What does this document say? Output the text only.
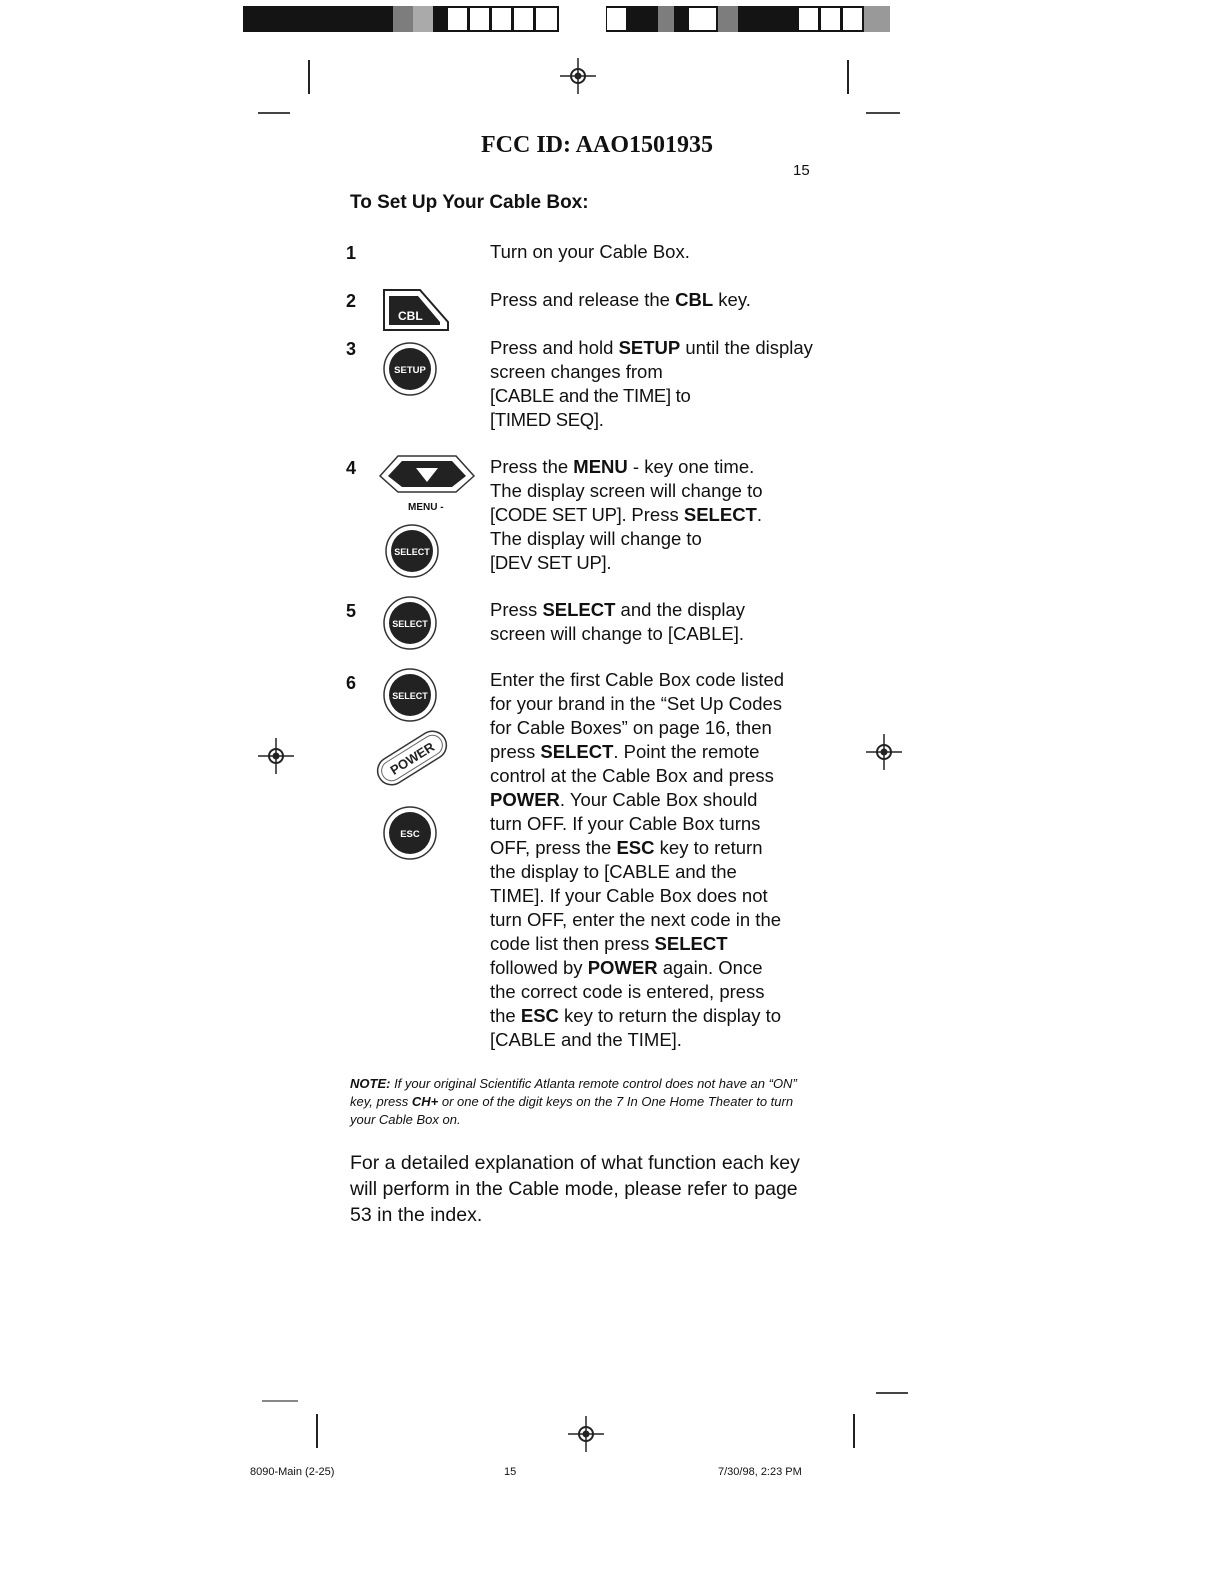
FCC ID: AAO1501935
15
To Set Up Your Cable Box:
1	Turn on your Cable Box.
2
CBL
Press and release the CBL key.
3
SETUP
Press and hold SETUP until the display screen changes from
[CABLE and the TIME] to
[TIMED SEQ].
4
MENU -
SELECT
Press the MENU - key one time.
The display screen will change to
[CODE SET UP]. Press SELECT.
The display will change to
[DEV SET UP].
5
SELECT
Press SELECT and the display
screen will change to [CABLE].
6
SELECT
POWER
ESC
Enter the first Cable Box code listed
for your brand in the “Set Up Codes
for Cable Boxes” on page 16, then
press SELECT. Point the remote
control at the Cable Box and press
POWER. Your Cable Box should
turn OFF. If your Cable Box turns
OFF, press the ESC key to return
the display to [CABLE and the
TIME]. If your Cable Box does not
turn OFF, enter the next code in the
code list then press SELECT
followed by POWER again. Once
the correct code is entered, press
the ESC key to return the display to
[CABLE and the TIME].
NOTE: If your original Scientific Atlanta remote control does not have an “ON” key, press CH+ or one of the digit keys on the 7 In One Home Theater to turn your Cable Box on.
For a detailed explanation of what function each key will perform in the Cable mode, please refer to page 53 in the index.
8090-Main (2-25)	15	7/30/98, 2:23 PM
